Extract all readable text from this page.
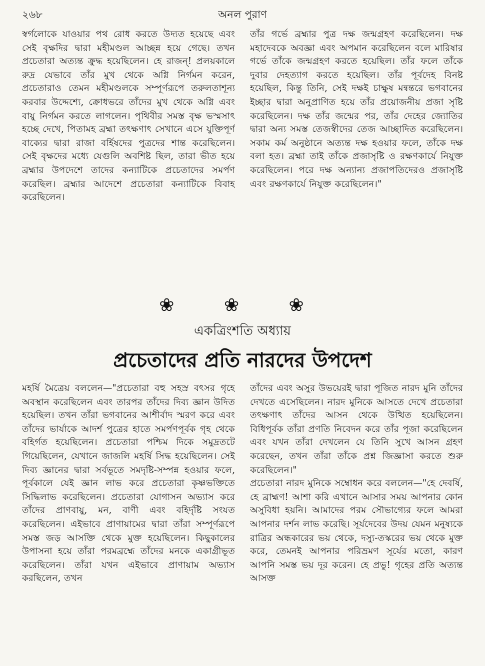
২৬৮	অনল পুরাণ

স্বর্গলোকে যাওয়ার পথ রোধ করতে উদ্যত হয়েছে এবং সেই বৃক্ষদির দ্বারা মহীমণ্ডল আচ্ছন্ন হয়ে গেছে। তখন প্রচেতারা অত্যন্ত ক্রুদ্ধ হয়েছিলেন। হে রাজন্! প্রলয়কালে রুদ্র যেভাবে তাঁর মুখ থেকে অগ্নি নির্গমন করেন, প্রচেতারাও তেমন মহীমণ্ডলকে সম্পূর্ণরূপে তরুলতাশূন্য করবার উদ্দেশ্যে, ক্রোধভরে তাঁদের মুখ থেকে অগ্নি এবং বায়ু নির্গমন করতে লাগলেন। পৃথিবীর সমস্ত বৃক্ষ ভস্মসাৎ হচ্ছে দেখে, পিতামহ ব্রহ্মা তৎক্ষণাৎ সেখানে এসে যুক্তিপূর্ণ বাক্যের দ্বারা রাজা বর্হিষদের পুত্রদের শান্ত করেছিলেন। সেই বৃক্ষদের মধ্যে যেগুলি অবশিষ্ট ছিল, তারা ভীত হয়ে ব্রহ্মার উপদেশে তাদের কন্যাটিকে প্রচেতাদের সমর্পণ করেছিল। ব্রহ্মার আদেশে প্রচেতারা কন্যাটিকে বিবাহ করেছিলেন।

তাঁর গর্ভে ব্রহ্মার পুত্র দক্ষ জন্মগ্রহণ করেছিলেন। দক্ষ মহাদেবকে অবজ্ঞা এবং অপমান করেছিলেন বলে মারিষার গর্ভে তাঁকে জন্মগ্রহণ করতে হয়েছিল। তাঁর ফলে তাঁকে দুবার দেহত্যাগ করতে হয়েছিল। তাঁর পূর্বদেহ বিনষ্ট হয়েছিল, কিন্তু তিনি, সেই দক্ষই চাক্ষুষ মন্বন্তরে ভগবানের ইচ্ছার দ্বারা অনুপ্রাণিত হয়ে তাঁর প্রয়োজনীয় প্রজা সৃষ্টি করেছিলেন। দক্ষ তাঁর জন্মের পর, তাঁর দেহের জ্যোতির দ্বারা অন্য সমস্ত তেজস্বীদের তেজ আচ্ছাদিত করেছিলেন। সকাম কর্ম অনুষ্ঠানে অত্যন্ত দক্ষ হওয়ার ফলে, তাঁকে দক্ষ বলা হত। ব্রহ্মা তাই তাঁকে প্রজাসৃষ্টি ও রক্ষণকার্যে নিযুক্ত করেছিলেন। পরে দক্ষ অন্যান্য প্রজাপতিদেরও প্রজাসৃষ্টি এবং রক্ষণকার্যে নিযুক্ত করেছিলেন।"

❀ ❀ ❀
একত্রিংশতি অধ্যায়
প্রচেতাদের প্রতি নারদের উপদেশ

মহর্ষি মৈত্রেয় বললেন—"প্রচেতারা বহু সহস্র বৎসর গৃহে অবস্থান করেছিলেন এবং তারপর তাঁদের দিব্য জ্ঞান উদিত হয়েছিল। তখন তাঁরা ভগবানের আশীর্বাদ স্মরণ করে এবং তাঁদের ভার্যাকে আদর্শ পুত্রের হাতে সমর্পণপূর্বক গৃহ থেকে বহির্গত হয়েছিলেন। প্রচেতারা পশ্চিম দিকে সমুদ্রতটে গিয়েছিলেন, যেখানে জাজলি মহর্ষি সিদ্ধ হয়েছিলেন। সেই দিব্য জ্ঞানের দ্বারা সর্বভূতে সমদৃষ্টি-সম্পন্ন হওয়ার ফলে, পূর্বকালে যেই জ্ঞান লাভ করে প্রচেতারা কৃষ্ণভক্তিতে সিদ্ধিলাভ করেছিলেন। প্রচেতারা যোগাসন অভ্যাস করে তাঁদের প্রাণবায়ু, মন, বাণী এবং বহির্দৃষ্টি সংযত করেছিলেন। এইভাবে প্রাণায়ামের দ্বারা তাঁরা সম্পূর্ণরূপে সমস্ত জড় আসক্তি থেকে মুক্ত হয়েছিলেন। কিছুকালের উপাসনা হয়ে তাঁরা পরমব্রহ্মে তাঁদের মনকে একাগ্রীভূত করেছিলেন। তাঁরা যখন এইভাবে প্রাণায়াম অভ্যাস করছিলেন, তখন

তাঁদের এবং অসুর উভয়েরই দ্বারা পূজিত নারদ মুনি তাঁদের দেখতে এসেছিলেন। নারদ মুনিকে আসতে দেখে প্রচেতারা তৎক্ষণাৎ তাঁদের আসন থেকে উত্থিত হয়েছিলেন। বিধিপূর্বক তাঁরা প্রণতি নিবেদন করে তাঁর পূজা করেছিলেন এবং যখন তাঁরা দেখলেন যে তিনি সুখে আসন গ্রহণ করেছেন, তখন তাঁরা তাঁকে প্রশ্ন জিজ্ঞাসা করতে শুরু করেছিলেন।"

প্রচেতারা নারদ মুনিকে সম্বোধন করে বললেন—"হে দেবর্ষি, হে ব্রাহ্মণ! আশা করি এখানে আসার সময় আপনার কোন অসুবিধা হয়নি। আমাদের পরম সৌভাগ্যের ফলে আমরা আপনার দর্শন লাভ করেছি। সূর্যদেবের উদয় যেমন মনুষ্যকে রাত্রির অন্ধকারের ভয় থেকে, দস্যু-তস্করের ভয় থেকে মুক্ত করে, তেমনই আপনার পরিভ্রমণ সূর্যের মতো, কারণ আপনি সমস্ত ভয় দূর করেন। হে প্রভু! গৃহের প্রতি অত্যন্ত আসক্ত
